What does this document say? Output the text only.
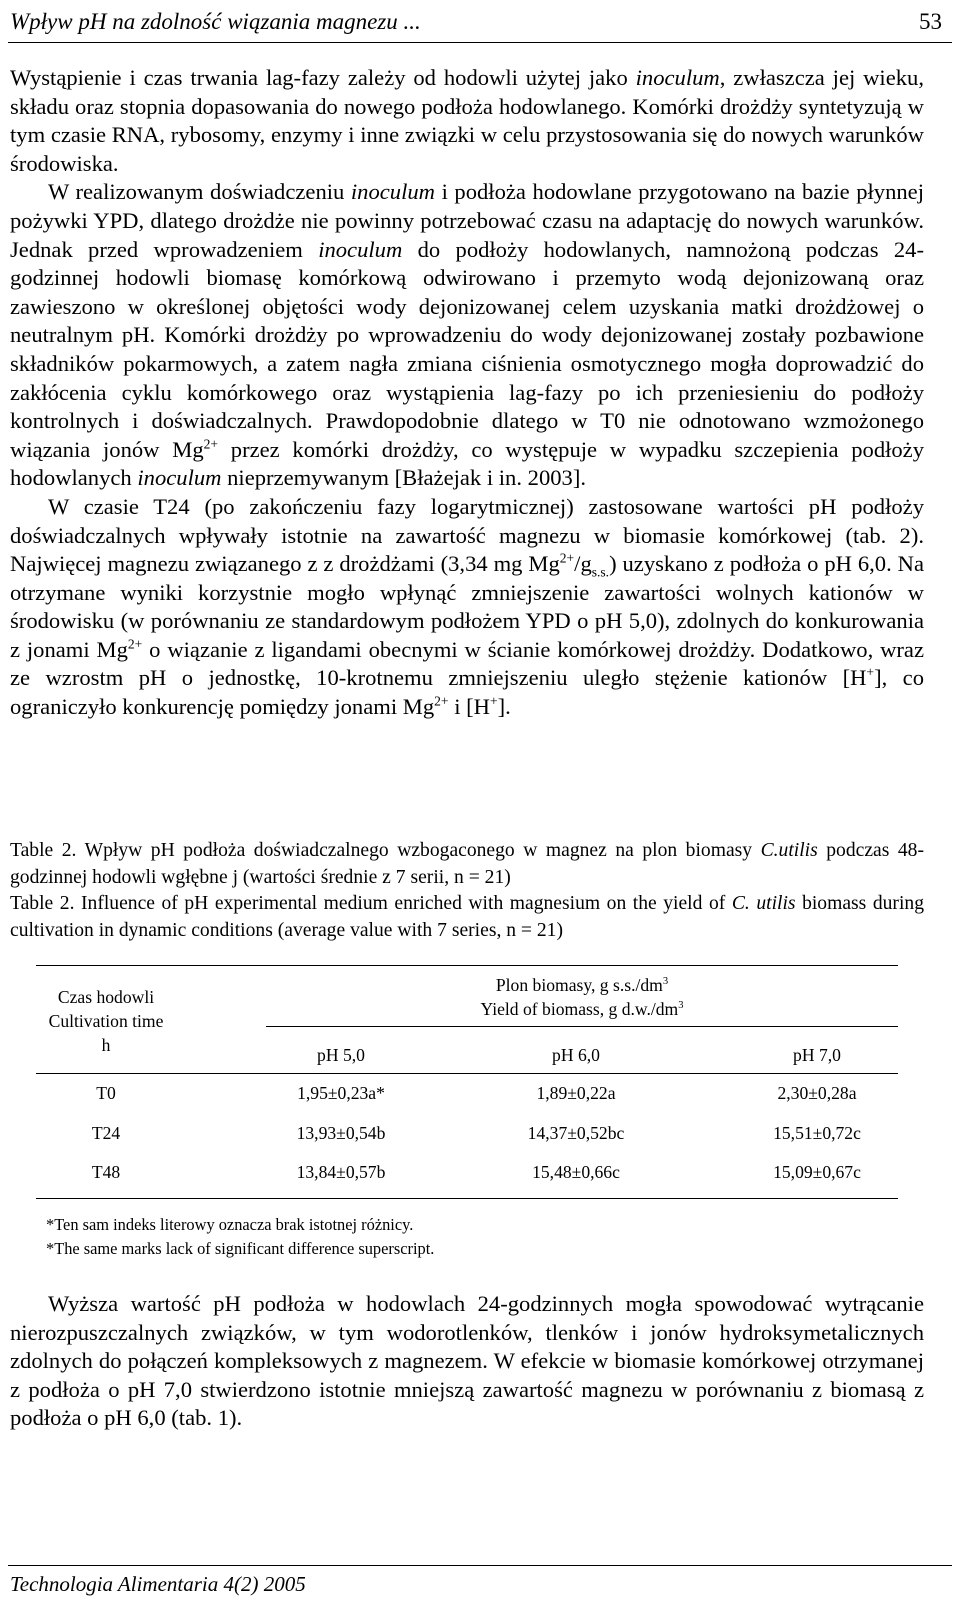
Wpływ pH na zdolność wiązania magnezu ...	53

Wystąpienie i czas trwania lag-fazy zależy od hodowli użytej jako inoculum, zwłaszcza jej wieku, składu oraz stopnia dopasowania do nowego podłoża hodowlanego. Komórki drożdży syntetyzują w tym czasie RNA, rybosomy, enzymy i inne związki w celu przystosowania się do nowych warunków środowiska.

W realizowanym doświadczeniu inoculum i podłoża hodowlane przygotowano na bazie płynnej pożywki YPD, dlatego drożdże nie powinny potrzebować czasu na adaptację do nowych warunków. Jednak przed wprowadzeniem inoculum do podłoży hodowlanych, namnożoną podczas 24-godzinnej hodowli biomasę komórkową odwirowano i przemyto wodą dejonizowaną oraz zawieszono w określonej objętości wody dejonizowanej celem uzyskania matki drożdżowej o neutralnym pH. Komórki drożdży po wprowadzeniu do wody dejonizowanej zostały pozbawione składników pokarmowych, a zatem nagła zmiana ciśnienia osmotycznego mogła doprowadzić do zakłócenia cyklu komórkowego oraz wystąpienia lag-fazy po ich przeniesieniu do podłoży kontrolnych i doświadczalnych. Prawdopodobnie dlatego w T0 nie odnotowano wzmożonego wiązania jonów $Mg^{2+}$ przez komórki drożdży, co występuje w wypadku szczepienia podłoży hodowlanych inoculum nieprzemywanym [Błażejak i in. 2003].

W czasie T24 (po zakończeniu fazy logarytmicznej) zastosowane wartości pH podłoży doświadczalnych wpływały istotnie na zawartość magnezu w biomasie komórkowej (tab. 2). Najwięcej magnezu związanego z z drożdżami (3,34 mg $Mg^{2+}/g_{s.s.}$) uzyskano z podłoża o pH 6,0. Na otrzymane wyniki korzystnie mogło wpłynąć zmniejszenie zawartości wolnych kationów w środowisku (w porównaniu ze standardowym podłożem YPD o pH 5,0), zdolnych do konkurowania z jonami $Mg^{2+}$ o wiązanie z ligandami obecnymi w ścianie komórkowej drożdży. Dodatkowo, wraz ze wzrostm pH o jednostkę, 10-krotnemu zmniejszeniu uległo stężenie kationów [H+], co ograniczyło konkurencję pomiędzy jonami $Mg^{2+}$ i [H+].

Table 2. Wpływ pH podłoża doświadczalnego wzbogaconego w magnez na plon biomasy C.utilis podczas 48-godzinnej hodowli wgłębne j (wartości średnie z 7 serii, n = 21)

Table 2. Influence of pH experimental medium enriched with magnesium on the yield of C. utilis biomass during cultivation in dynamic conditions (average value with 7 series, n = 21)

Czas hodowli
Cultivation time
h
Plon biomasy, g $s.s./dm^3$
Yield of biomass, g $d.w./dm^3$
pH 5,0	pH 6,0	pH 7,0
T0	1,95±0,23a*	1,89±0,22a	2,30±0,28a
T24	13,93±0,54b	14,37±0,52bc	15,51±0,72c
T48	13,84±0,57b	15,48±0,66c	15,09±0,67c

*Ten sam indeks literowy oznacza brak istotnej różnicy.

*The same marks lack of significant difference superscript.

Wyższa wartość pH podłoża w hodowlach 24-godzinnych mogła spowodować wytrącanie nierozpuszczalnych związków, w tym wodorotlenków, tlenków i jonów hydroksymetalicznych zdolnych do połączeń kompleksowych z magnezem. W efekcie w biomasie komórkowej otrzymanej z podłoża o pH 7,0 stwierdzono istotnie mniejszą zawartość magnezu w porównaniu z biomasą z podłoża o pH 6,0 (tab. 1).

Technologia Alimentaria 4(2) 2005
